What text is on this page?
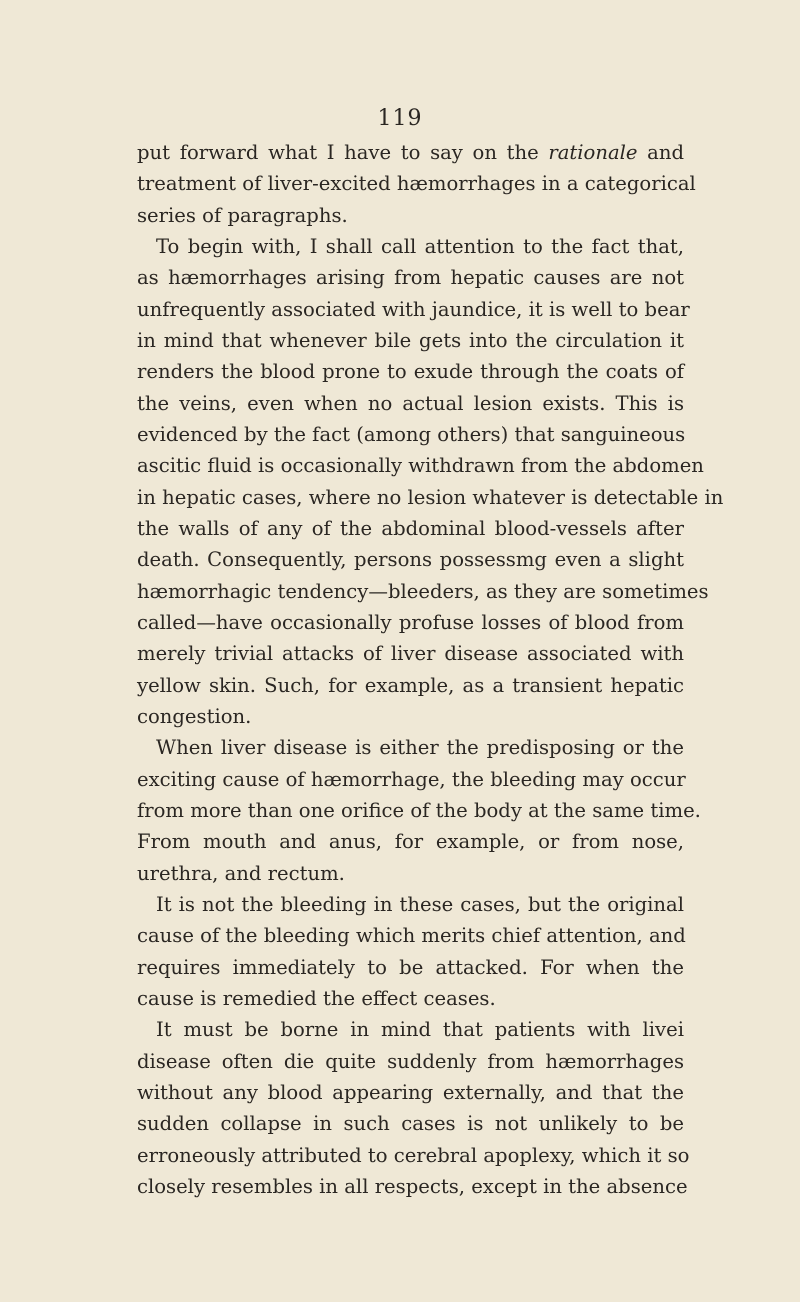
119
put forward what I have to say on the rationale and
treatment of liver-excited hæmorrhages in a categorical
series of paragraphs.
To begin with, I shall call attention to the fact that,
as hæmorrhages arising from hepatic causes are not
unfrequently associated with jaundice, it is well to bear
in mind that whenever bile gets into the circulation it
renders the blood prone to exude through the coats of
the veins, even when no actual lesion exists. This is
evidenced by the fact (among others) that sanguineous
ascitic fluid is occasionally withdrawn from the abdomen
in hepatic cases, where no lesion whatever is detectable in
the walls of any of the abdominal blood-vessels after
death. Consequently, persons possessmg even a slight
hæmorrhagic tendency—bleeders, as they are sometimes
called—have occasionally profuse losses of blood from
merely trivial attacks of liver disease associated with
yellow skin. Such, for example, as a transient hepatic
congestion.
When liver disease is either the predisposing or the
exciting cause of hæmorrhage, the bleeding may occur
from more than one orifice of the body at the same time.
From mouth and anus, for example, or from nose,
urethra, and rectum.
It is not the bleeding in these cases, but the original
cause of the bleeding which merits chief attention, and
requires immediately to be attacked. For when the
cause is remedied the effect ceases.
It must be borne in mind that patients with livei
disease often die quite suddenly from hæmorrhages
without any blood appearing externally, and that the
sudden collapse in such cases is not unlikely to be
erroneously attributed to cerebral apoplexy, which it so
closely resembles in all respects, except in the absence
